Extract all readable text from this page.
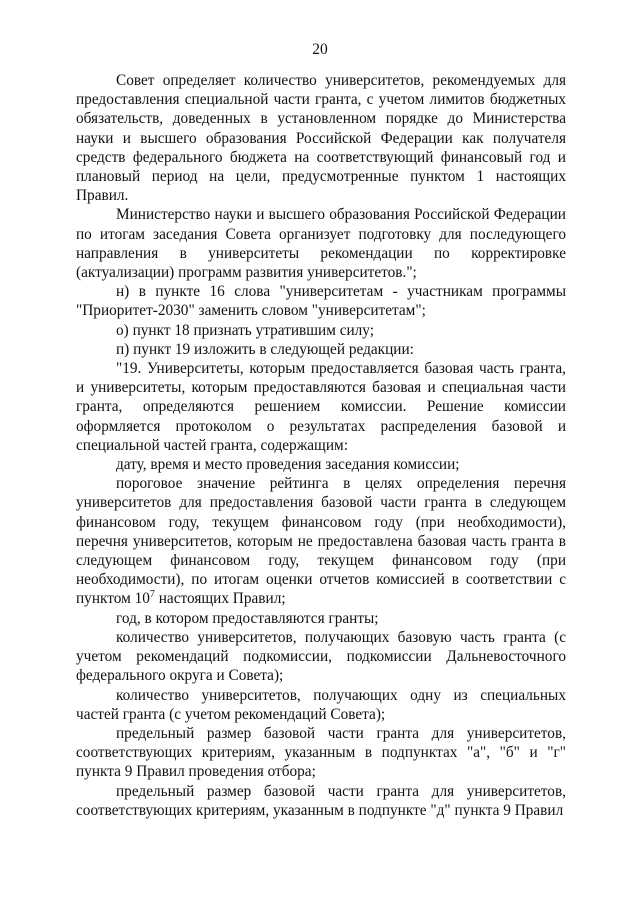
20

Совет определяет количество университетов, рекомендуемых для предоставления специальной части гранта, с учетом лимитов бюджетных обязательств, доведенных в установленном порядке до Министерства науки и высшего образования Российской Федерации как получателя средств федерального бюджета на соответствующий финансовый год и плановый период на цели, предусмотренные пунктом 1 настоящих Правил.

Министерство науки и высшего образования Российской Федерации по итогам заседания Совета организует подготовку для последующего направления в университеты рекомендации по корректировке (актуализации) программ развития университетов.";

н) в пункте 16 слова "университетам - участникам программы "Приоритет-2030" заменить словом "университетам";

о) пункт 18 признать утратившим силу;

п) пункт 19 изложить в следующей редакции:

"19. Университеты, которым предоставляется базовая часть гранта, и университеты, которым предоставляются базовая и специальная части гранта, определяются решением комиссии. Решение комиссии оформляется протоколом о результатах распределения базовой и специальной частей гранта, содержащим:

дату, время и место проведения заседания комиссии;

пороговое значение рейтинга в целях определения перечня университетов для предоставления базовой части гранта в следующем финансовом году, текущем финансовом году (при необходимости), перечня университетов, которым не предоставлена базовая часть гранта в следующем финансовом году, текущем финансовом году (при необходимости), по итогам оценки отчетов комиссией в соответствии с пунктом $10^7$ настоящих Правил;

год, в котором предоставляются гранты;

количество университетов, получающих базовую часть гранта (с учетом рекомендаций подкомиссии, подкомиссии Дальневосточного федерального округа и Совета);

количество университетов, получающих одну из специальных частей гранта (с учетом рекомендаций Совета);

предельный размер базовой части гранта для университетов, соответствующих критериям, указанным в подпунктах "а", "б" и "г" пункта 9 Правил проведения отбора;

предельный размер базовой части гранта для университетов, соответствующих критериям, указанным в подпункте "д" пункта 9 Правил
